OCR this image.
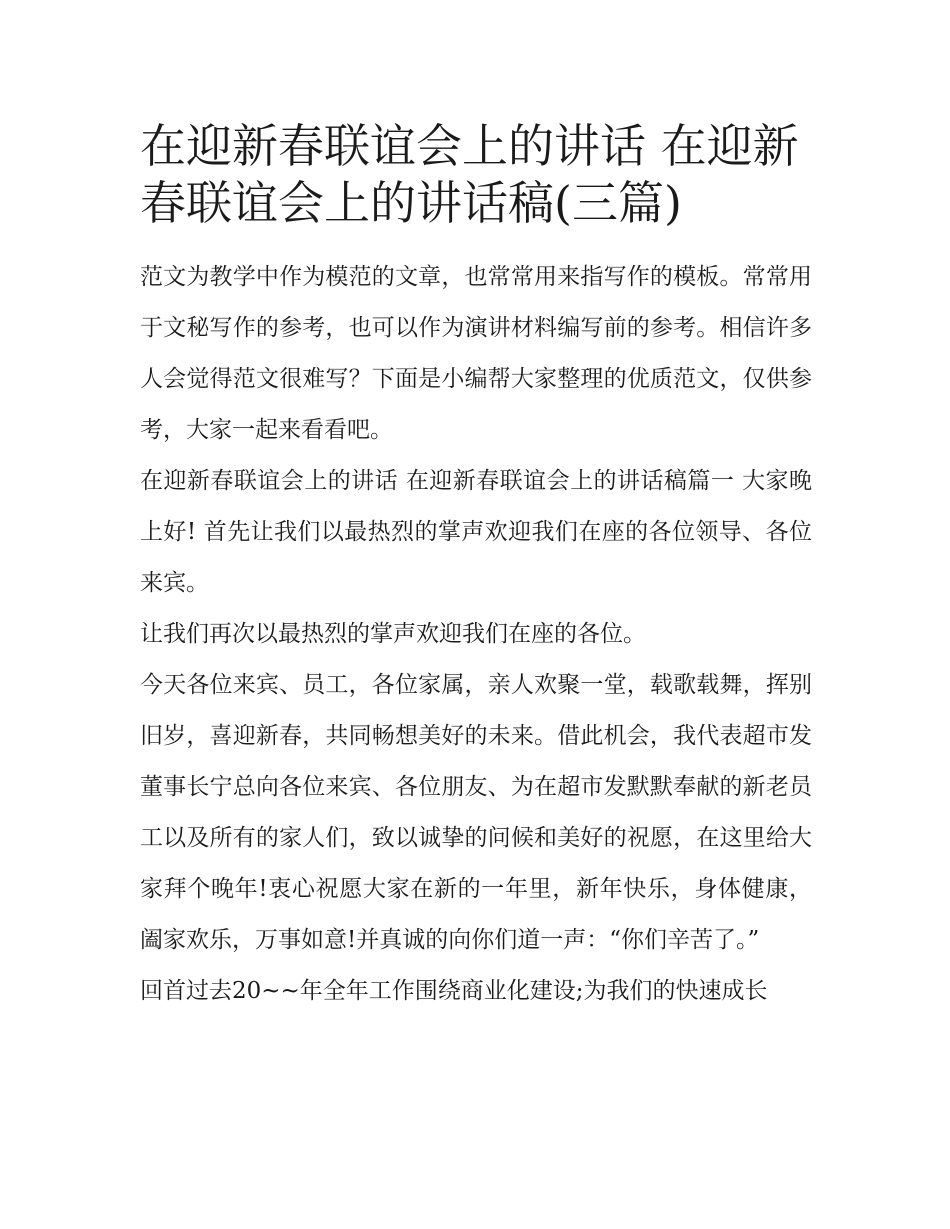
在迎新春联谊会上的讲话 在迎新春联谊会上的讲话稿(三篇)

范文为教学中作为模范的文章，也常常用来指写作的模板。常常用于文秘写作的参考，也可以作为演讲材料编写前的参考。相信许多人会觉得范文很难写？下面是小编帮大家整理的优质范文，仅供参考，大家一起来看看吧。

在迎新春联谊会上的讲话 在迎新春联谊会上的讲话稿篇一 大家晚上好! 首先让我们以最热烈的掌声欢迎我们在座的各位领导、各位来宾。

让我们再次以最热烈的掌声欢迎我们在座的各位。

今天各位来宾、员工，各位家属，亲人欢聚一堂，载歌载舞，挥别旧岁，喜迎新春，共同畅想美好的未来。借此机会，我代表超市发董事长宁总向各位来宾、各位朋友、为在超市发默默奉献的新老员工以及所有的家人们，致以诚挚的问候和美好的祝愿，在这里给大家拜个晚年!衷心祝愿大家在新的一年里，新年快乐，身体健康，阖家欢乐，万事如意!并真诚的向你们道一声：“你们辛苦了。”

回首过去20~~年全年工作围绕商业化建设;为我们的快速成长
